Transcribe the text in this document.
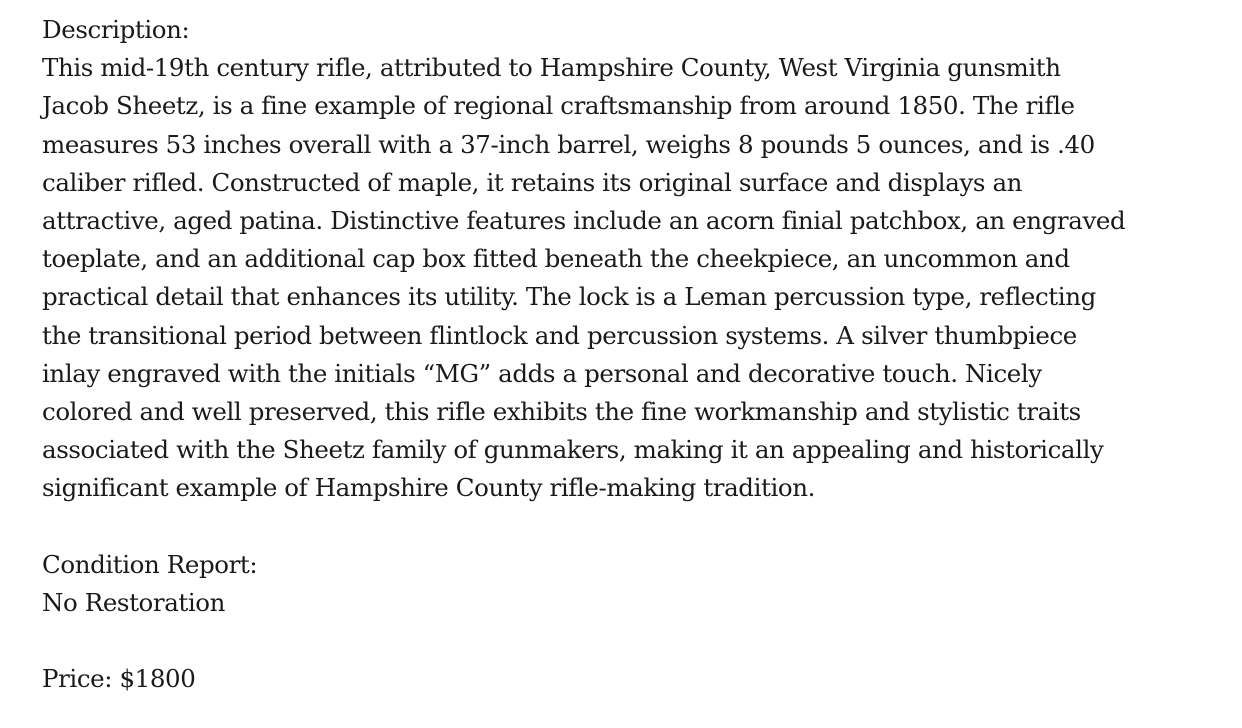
Description:
This mid-19th century rifle, attributed to Hampshire County, West Virginia gunsmith
Jacob Sheetz, is a fine example of regional craftsmanship from around 1850. The rifle
measures 53 inches overall with a 37-inch barrel, weighs 8 pounds 5 ounces, and is .40
caliber rifled. Constructed of maple, it retains its original surface and displays an
attractive, aged patina. Distinctive features include an acorn finial patchbox, an engraved
toeplate, and an additional cap box fitted beneath the cheekpiece, an uncommon and
practical detail that enhances its utility. The lock is a Leman percussion type, reflecting
the transitional period between flintlock and percussion systems. A silver thumbpiece
inlay engraved with the initials “MG” adds a personal and decorative touch. Nicely
colored and well preserved, this rifle exhibits the fine workmanship and stylistic traits
associated with the Sheetz family of gunmakers, making it an appealing and historically
significant example of Hampshire County rifle-making tradition.
Condition Report:
No Restoration
Price: $1800
